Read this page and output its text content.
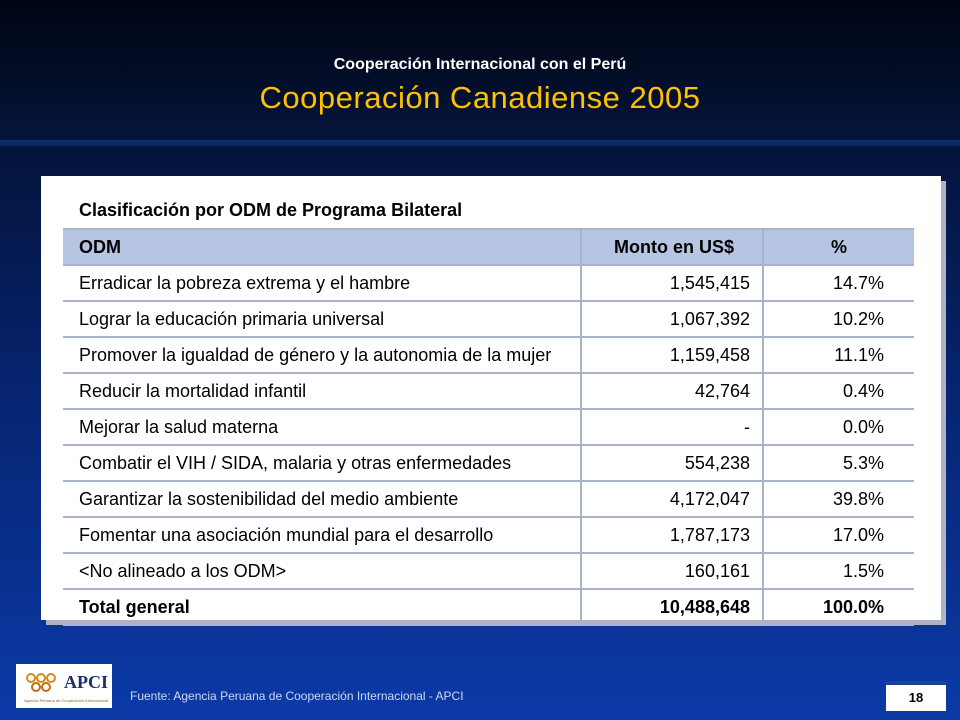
Cooperación Internacional con el Perú
Cooperación Canadiense 2005
Clasificación por ODM de Programa Bilateral
ODM	Monto en US$	%
Erradicar la pobreza extrema y el hambre	1,545,415	14.7%
Lograr la educación primaria universal	1,067,392	10.2%
Promover la igualdad de género y la autonomia de la mujer	1,159,458	11.1%
Reducir la mortalidad infantil	42,764	0.4%
Mejorar la salud materna	-	0.0%
Combatir el VIH / SIDA, malaria y otras enfermedades	554,238	5.3%
Garantizar la sostenibilidad del medio ambiente	4,172,047	39.8%
Fomentar una asociación mundial para el desarrollo	1,787,173	17.0%
<No alineado a los ODM>	160,161	1.5%
Total general	10,488,648	100.0%
APCI
Agencia Peruana de Cooperación Internacional Fuente: Agencia Peruana de Cooperación Internacional - APCI	18
